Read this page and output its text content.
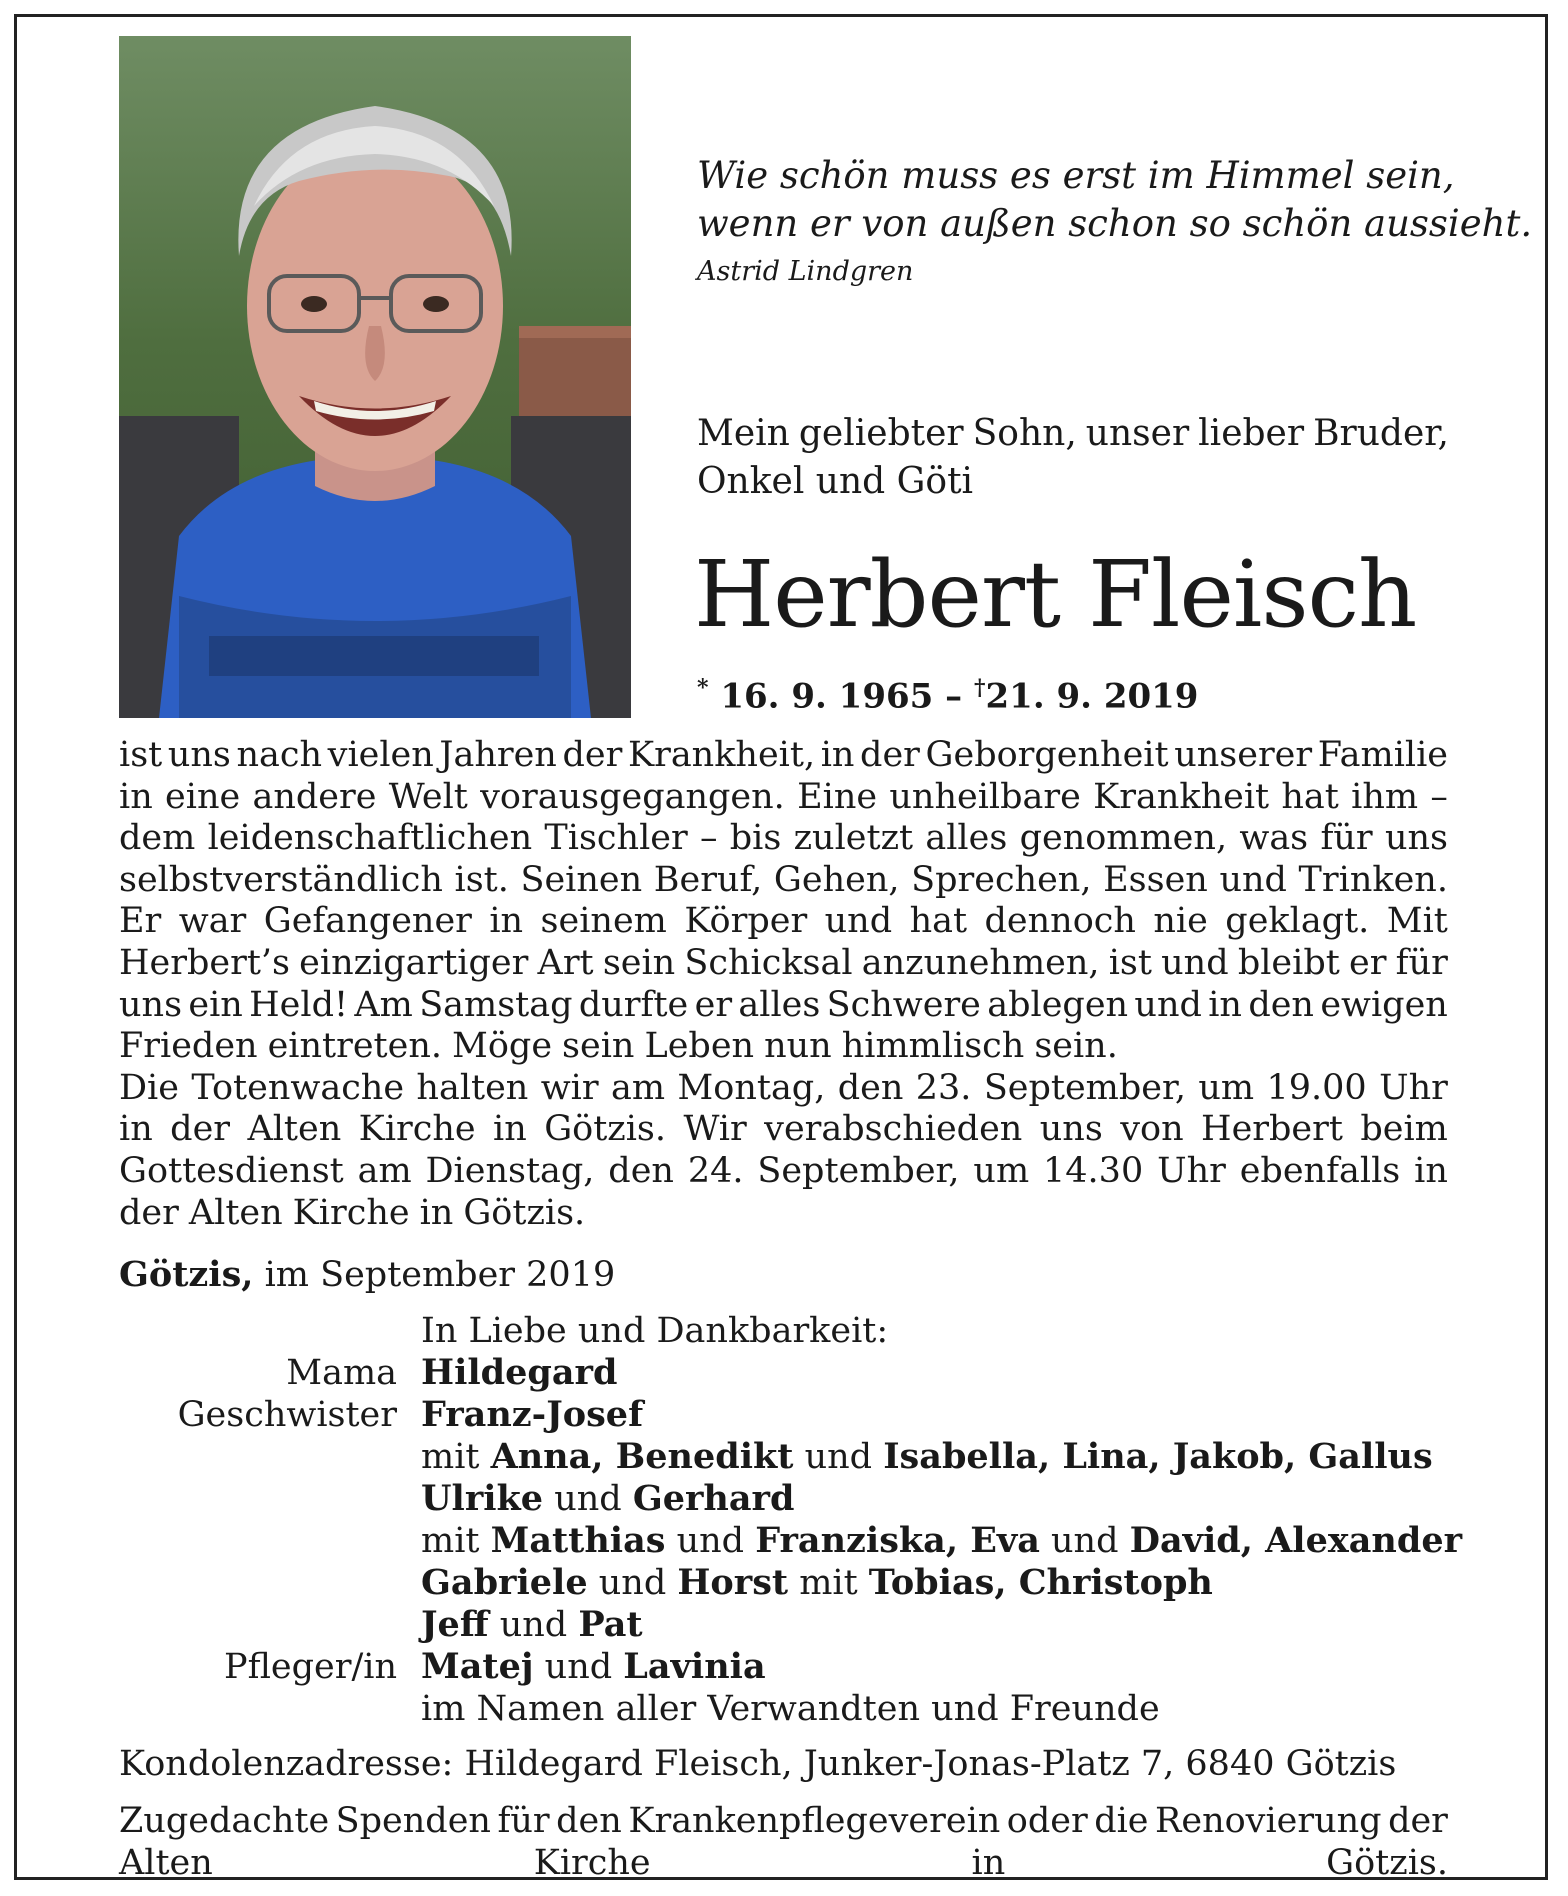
Wie schön muss es erst im Himmel sein,

wenn er von außen schon so schön aussieht.

Astrid Lindgren
Mein geliebter Sohn, unser lieber Bruder,
Onkel und Göti
Herbert Fleisch
* 16. 9. 1965 – †21. 9. 2019
ist uns nach vielen Jahren der Krankheit, in der Geborgenheit unserer Familie
in eine andere Welt vorausgegangen. Eine unheilbare Krankheit hat ihm –
dem leidenschaftlichen Tischler – bis zuletzt alles genommen, was für uns
selbstverständlich ist. Seinen Beruf, Gehen, Sprechen, Essen und Trinken.
Er war Gefangener in seinem Körper und hat dennoch nie geklagt. Mit
Herbert’s einzigartiger Art sein Schicksal anzunehmen, ist und bleibt er für
uns ein Held! Am Samstag durfte er alles Schwere ablegen und in den ewigen
Frieden eintreten. Möge sein Leben nun himmlisch sein.
Die Totenwache halten wir am Montag, den 23. September, um 19.00 Uhr
in der Alten Kirche in Götzis. Wir verabschieden uns von Herbert beim
Gottesdienst am Dienstag, den 24. September, um 14.30 Uhr ebenfalls in
der Alten Kirche in Götzis.
Götzis, im September 2019
In Liebe und Dankbarkeit:
Mama Hildegard
Geschwister Franz-Josef
mit Anna, Benedikt und Isabella, Lina, Jakob, Gallus
Ulrike und Gerhard
mit Matthias und Franziska, Eva und David, Alexander
Gabriele und Horst mit Tobias, Christoph
Jeff und Pat
Pfleger/in Matej und Lavinia
im Namen aller Verwandten und Freunde
Kondolenzadresse: Hildegard Fleisch, Junker-Jonas-Platz 7, 6840 Götzis
Zugedachte Spenden für den Krankenpflegeverein oder die Renovierung der
Alten	Kirche	in	Götzis.
